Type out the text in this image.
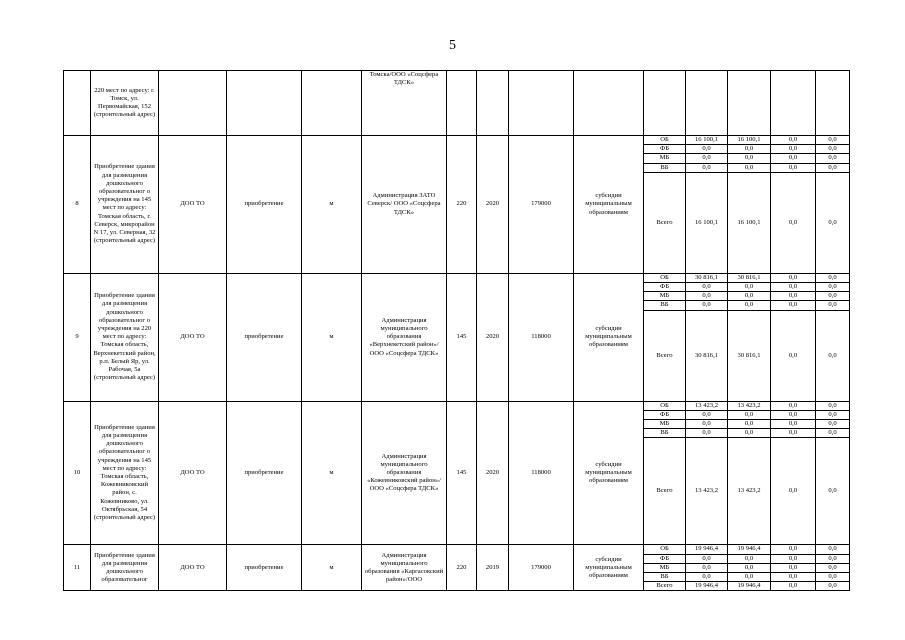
5
	220 мест по адресу: г. Томск, ул. Первомайская, 152 (строительный адрес)				Томска/ООО «Соцсфера ТДСК»									
8	Приобретение здания для размещения дошкольного образовательног о учреждения на 145 мест по адресу: Томская область, г. Северск, микрорайон N 17, ул. Северная, 32 (строительный адрес)	ДОО ТО	приобретение	м	Администрация ЗАТО Северск/ ООО «Соцсфера ТДСК»	220	2020	179000	субсидии муниципальным образованиям	ОБ	16 100,1	16 100,1	0,0	0,0
										ФБ	0,0	0,0	0,0	0,0
										МБ	0,0	0,0	0,0	0,0
										ВБ	0,0	0,0	0,0	0,0
										Всего	16 100,1	16 100,1	0,0	0,0
9	Приобретение здания для размещения дошкольного образовательног о учреждения на 220 мест по адресу: Томская область, Верхнекетский район, р.п. Белый Яр, ул. Рабочая, 5а (строительный адрес)	ДОО ТО	приобретение	м	Администрация муниципального образования «Верхнекетский район»/ООО «Соцсфера ТДСК»	145	2020	118000	субсидии муниципальным образованиям	ОБ	30 816,1	30 816,1	0,0	0,0
										ФБ	0,0	0,0	0,0	0,0
										МБ	0,0	0,0	0,0	0,0
										ВБ	0,0	0,0	0,0	0,0
										Всего	30 816,1	30 816,1	0,0	0,0
10	Приобретение здания для размещения дошкольного образовательног о учреждения на 145 мест по адресу: Томская область, Кожевниковский район, с. Кожевниково, ул. Октябрьская, 54 (строительный адрес)	ДОО ТО	приобретение	м	Администрация муниципального образования «Кожевниковский район»/ООО «Соцсфера ТДСК»	145	2020	118000	субсидии муниципальным образованиям	ОБ	13 423,2	13 423,2	0,0	0,0
										ФБ	0,0	0,0	0,0	0,0
										МБ	0,0	0,0	0,0	0,0
										ВБ	0,0	0,0	0,0	0,0
										Всего	13 423,2	13 423,2	0,0	0,0
11	Приобретение здания для размещения дошкольного образовательног	ДОО ТО	приобретение	м	Администрация муниципального образования «Каргасокский район»/ООО	220	2019	179000	субсидии муниципальным образованиям	ОБ	19 946,4	19 946,4	0,0	0,0
										ФБ	0,0	0,0	0,0	0,0
										МБ	0,0	0,0	0,0	0,0
										ВБ	0,0	0,0	0,0	0,0
										Всего	19 946,4	19 946,4	0,0	0,0
